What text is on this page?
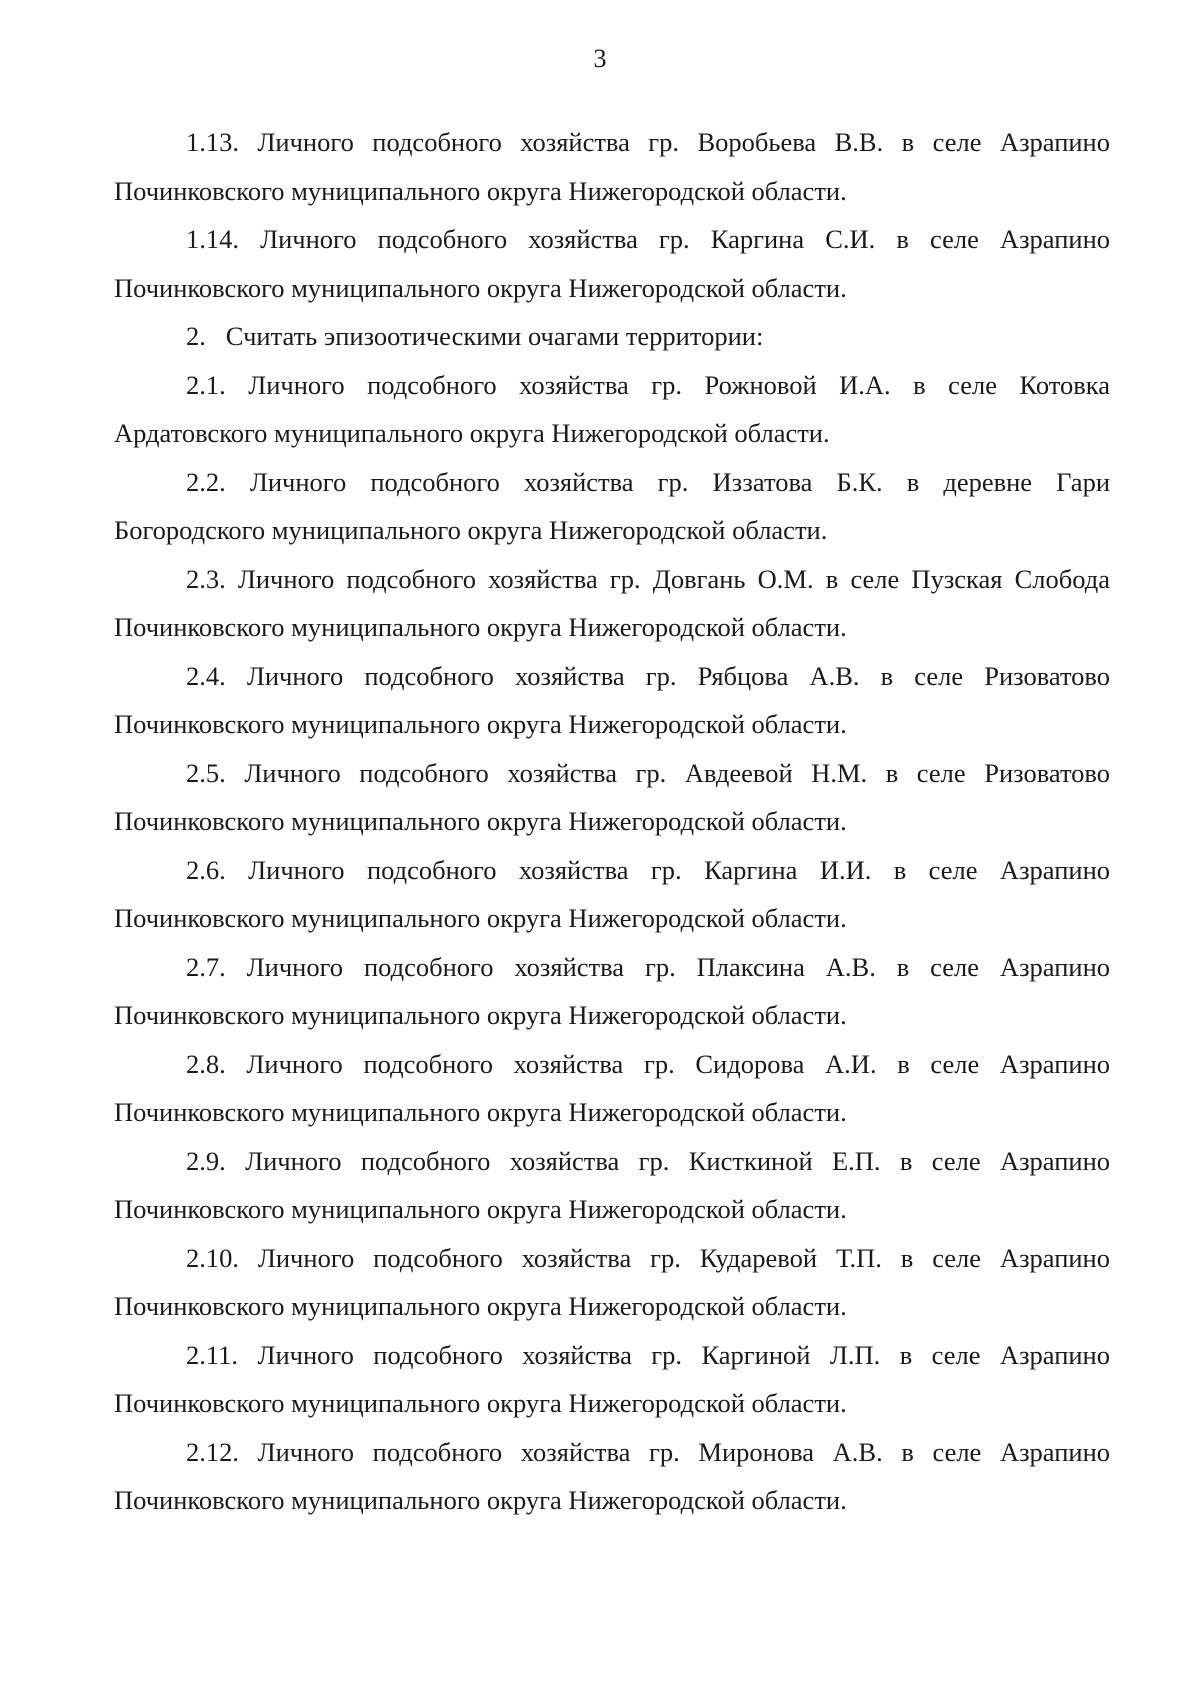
3

1.13. Личного подсобного хозяйства гр. Воробьева В.В. в селе Азрапино Починковского муниципального округа Нижегородской области.

1.14. Личного подсобного хозяйства гр. Каргина С.И. в селе Азрапино Починковского муниципального округа Нижегородской области.

2. Считать эпизоотическими очагами территории:

2.1. Личного подсобного хозяйства гр. Рожновой И.А. в селе Котовка Ардатовского муниципального округа Нижегородской области.

2.2. Личного подсобного хозяйства гр. Иззатова Б.К. в деревне Гари Богородского муниципального округа Нижегородской области.

2.3. Личного подсобного хозяйства гр. Довгань О.М. в селе Пузская Слобода Починковского муниципального округа Нижегородской области.

2.4. Личного подсобного хозяйства гр. Рябцова А.В. в селе Ризоватово Починковского муниципального округа Нижегородской области.

2.5. Личного подсобного хозяйства гр. Авдеевой Н.М. в селе Ризоватово Починковского муниципального округа Нижегородской области.

2.6. Личного подсобного хозяйства гр. Каргина И.И. в селе Азрапино Починковского муниципального округа Нижегородской области.

2.7. Личного подсобного хозяйства гр. Плаксина А.В. в селе Азрапино Починковского муниципального округа Нижегородской области.

2.8. Личного подсобного хозяйства гр. Сидорова А.И. в селе Азрапино Починковского муниципального округа Нижегородской области.

2.9. Личного подсобного хозяйства гр. Кисткиной Е.П. в селе Азрапино Починковского муниципального округа Нижегородской области.

2.10. Личного подсобного хозяйства гр. Кударевой Т.П. в селе Азрапино Починковского муниципального округа Нижегородской области.

2.11. Личного подсобного хозяйства гр. Каргиной Л.П. в селе Азрапино Починковского муниципального округа Нижегородской области.

2.12. Личного подсобного хозяйства гр. Миронова А.В. в селе Азрапино Починковского муниципального округа Нижегородской области.
